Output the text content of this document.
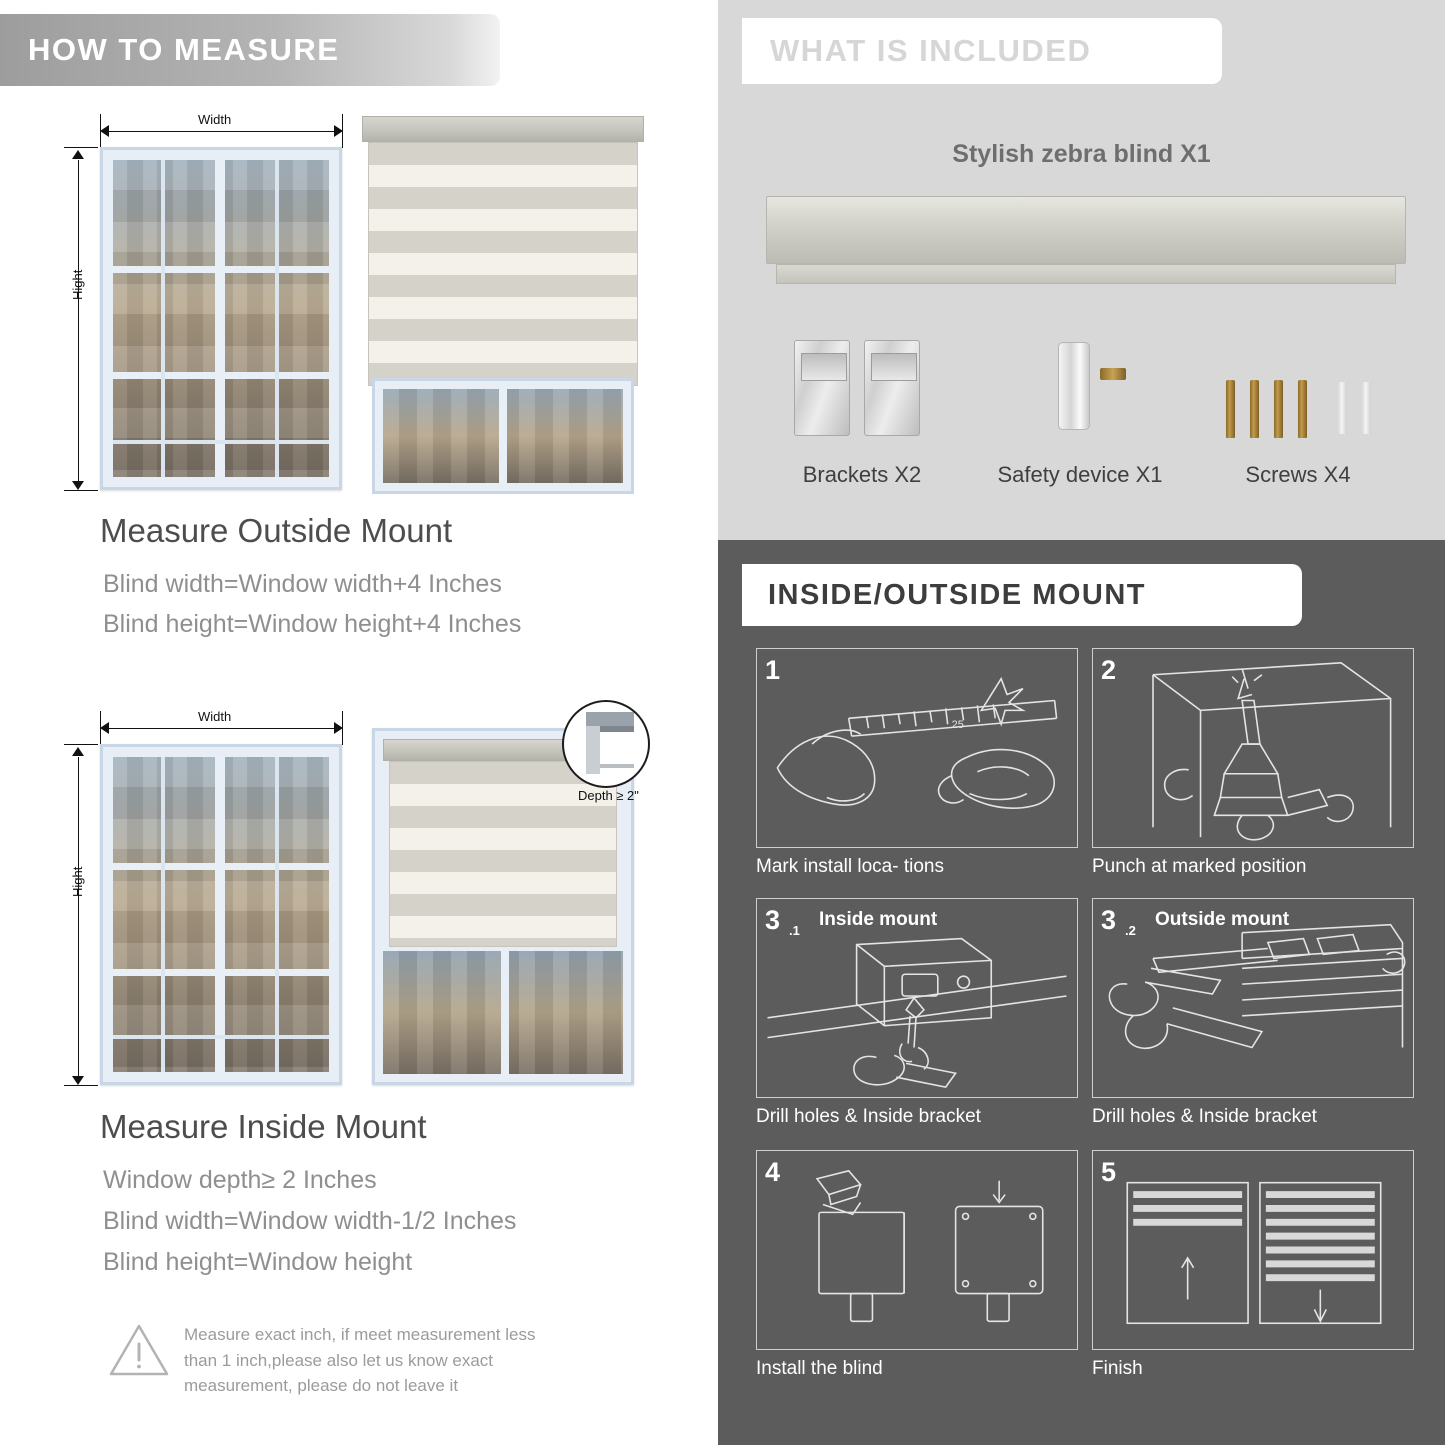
HOW TO MEASURE
Width
Hight
Measure Outside Mount

Blind width=Window width+4 Inches

Blind height=Window height+4 Inches

Width
Hight
Depth ≥ 2"
Measure Inside Mount

Window depth≥ 2 Inches

Blind width=Window width-1/2 Inches

Blind height=Window height

Measure exact inch, if meet measurement less
than 1 inch,please also let us know exact
measurement, please do not leave it
WHAT IS INCLUDED
Stylish zebra blind X1
Brackets X2	Safety device X1	Screws X4
INSIDE/OUTSIDE MOUNT
1
25
Mark install loca- tions
2
Punch at marked position
3 .1
Inside mount
Drill holes & Inside bracket
3 .2
Outside mount
Drill holes & Inside bracket
4
Install the blind
5
Finish
